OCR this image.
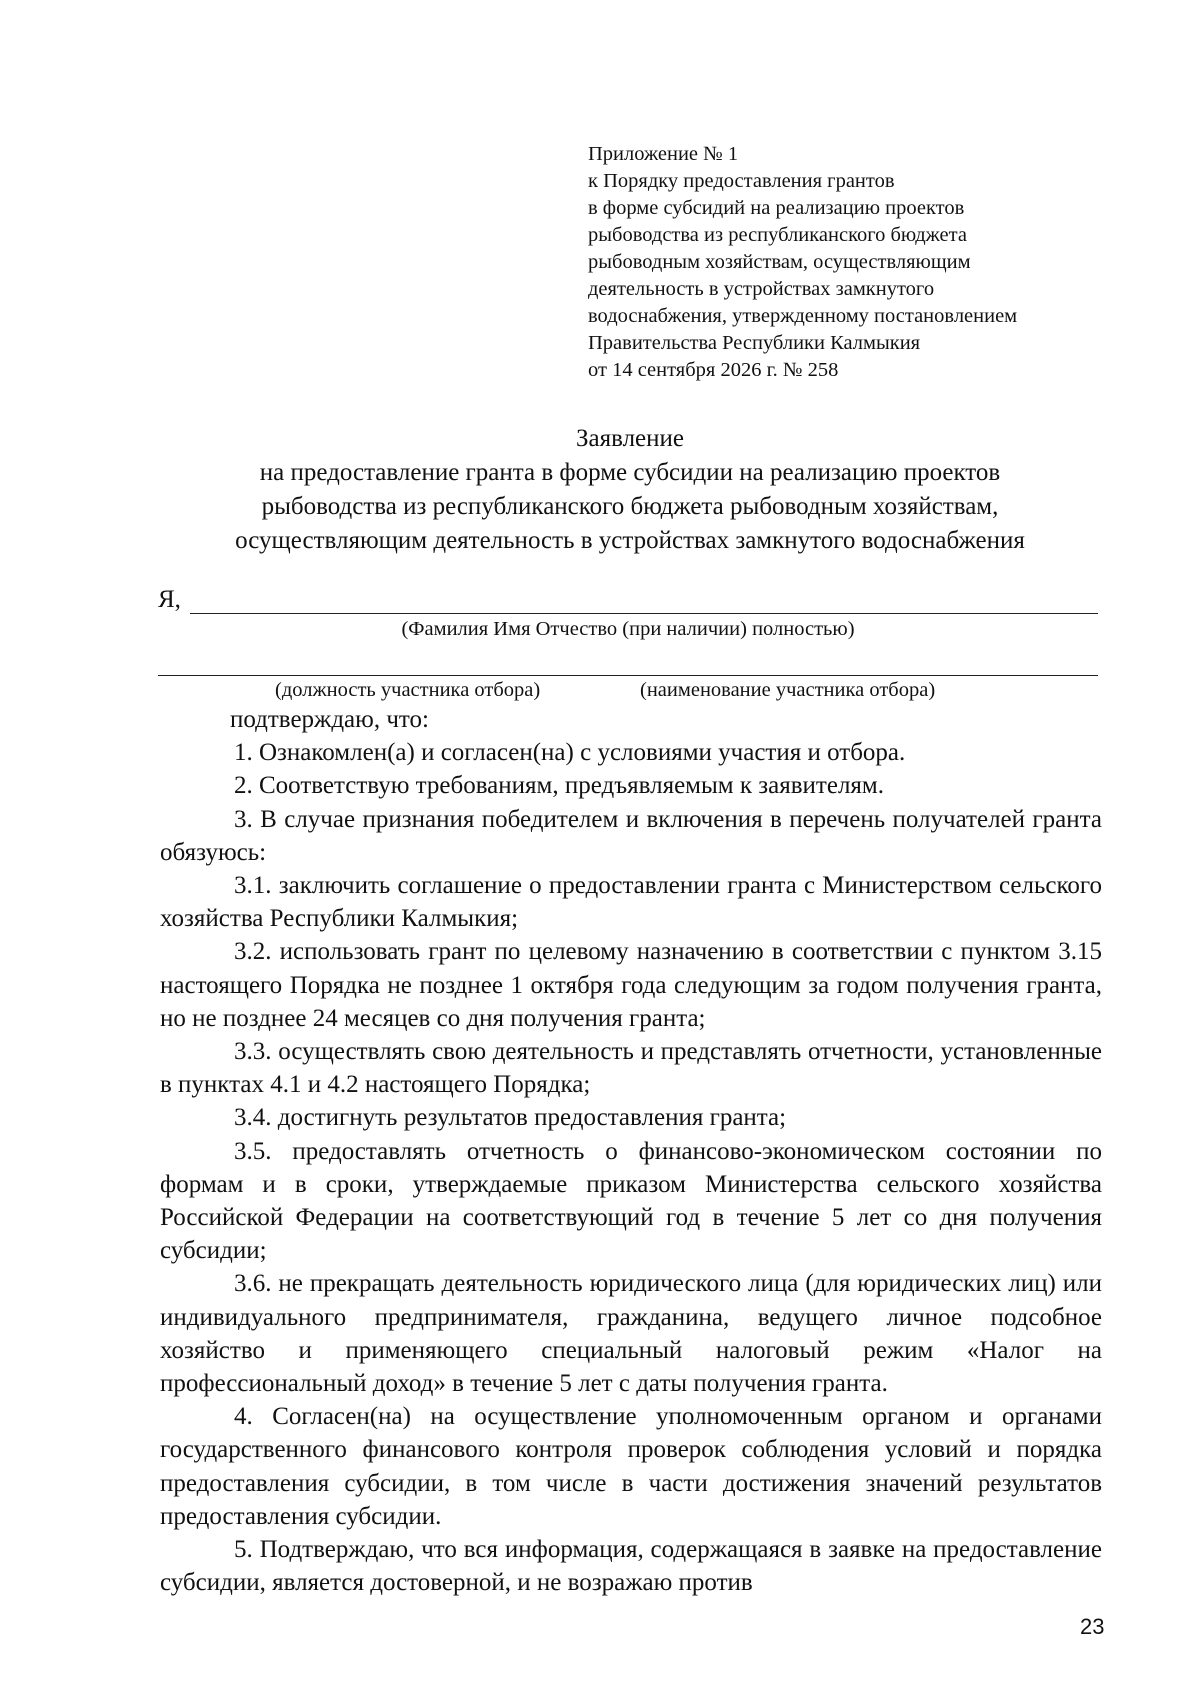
Приложение № 1
к Порядку предоставления грантов
в форме субсидий на реализацию проектов
рыбоводства из республиканского бюджета
рыбоводным хозяйствам, осуществляющим
деятельность в устройствах замкнутого
водоснабжения, утвержденному постановлением
Правительства Республики Калмыкия
от 14 сентября 2026 г. № 258
Заявление
на предоставление гранта в форме субсидии на реализацию проектов
рыбоводства из республиканского бюджета рыбоводным хозяйствам,
осуществляющим деятельность в устройствах замкнутого водоснабжения
Я,
(Фамилия Имя Отчество (при наличии) полностью)
(должность участника отбора)	(наименование участника отбора)

подтверждаю, что:

1. Ознакомлен(а) и согласен(на) с условиями участия и отбора.

2. Соответствую требованиям, предъявляемым к заявителям.

3. В случае признания победителем и включения в перечень получателей гранта обязуюсь:

3.1. заключить соглашение о предоставлении гранта с Министерством сельского хозяйства Республики Калмыкия;

3.2. использовать грант по целевому назначению в соответствии с пунктом 3.15 настоящего Порядка не позднее 1 октября года следующим за годом получения гранта, но не позднее 24 месяцев со дня получения гранта;

3.3. осуществлять свою деятельность и представлять отчетности, установленные в пунктах 4.1 и 4.2 настоящего Порядка;

3.4. достигнуть результатов предоставления гранта;

3.5. предоставлять отчетность о финансово-экономическом состоянии по формам и в сроки, утверждаемые приказом Министерства сельского хозяйства Российской Федерации на соответствующий год в течение 5 лет со дня получения субсидии;

3.6. не прекращать деятельность юридического лица (для юридических лиц) или индивидуального предпринимателя, гражданина, ведущего личное подсобное хозяйство и применяющего специальный налоговый режим «Налог на профессиональный доход» в течение 5 лет с даты получения гранта.

4. Согласен(на) на осуществление уполномоченным органом и органами государственного финансового контроля проверок соблюдения условий и порядка предоставления субсидии, в том числе в части достижения значений результатов предоставления субсидии.

5. Подтверждаю, что вся информация, содержащаяся в заявке на предоставление субсидии, является достоверной, и не возражаю против

23
